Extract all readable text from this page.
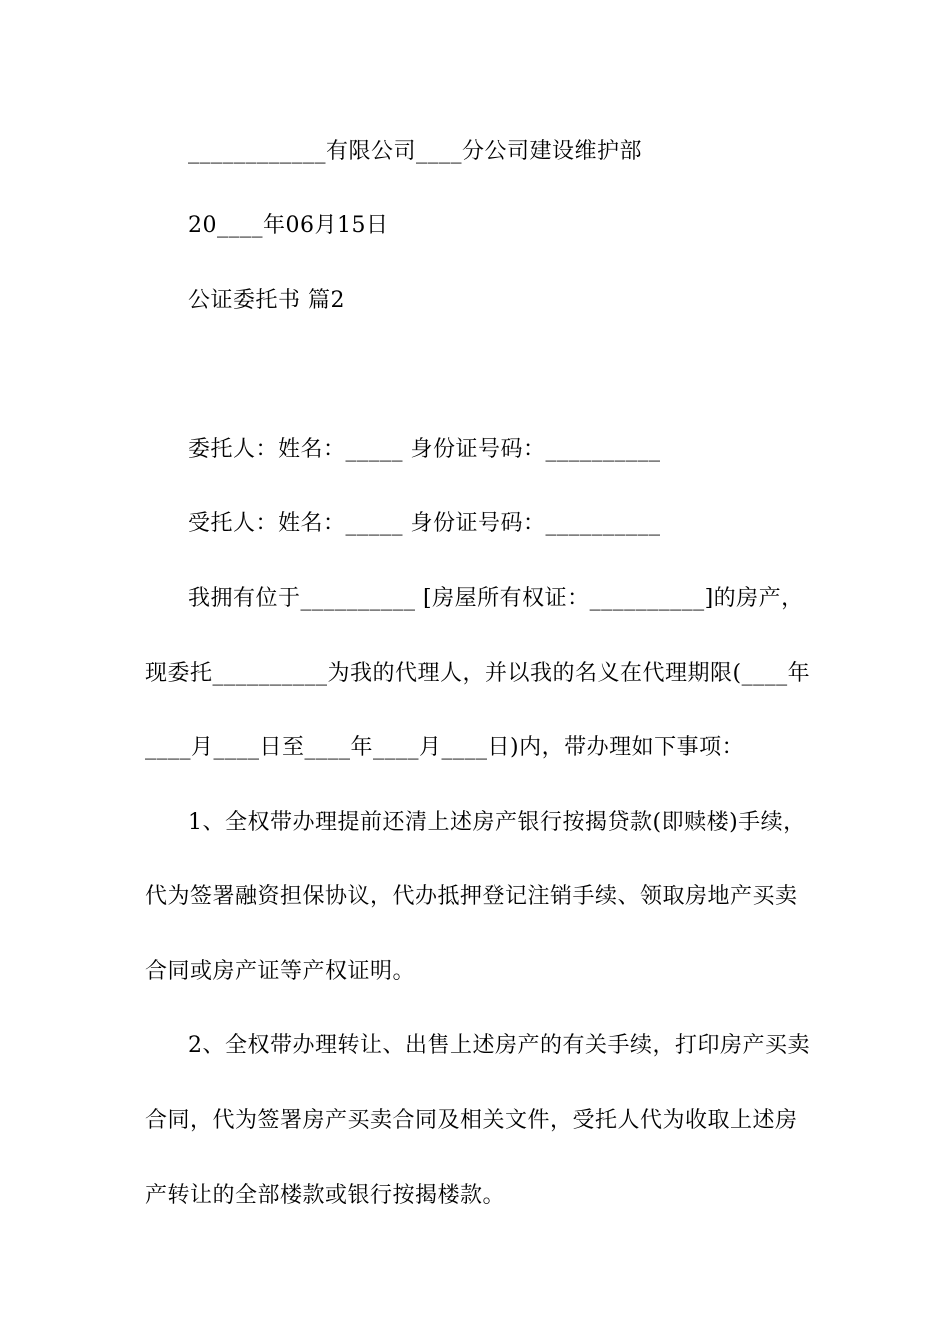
____________有限公司____分公司建设维护部

20____年06月15日

公证委托书 篇2

委托人：姓名：_____ 身份证号码：__________

受托人：姓名：_____ 身份证号码：__________

我拥有位于__________ [房屋所有权证：__________]的房产，

现委托__________为我的代理人，并以我的名义在代理期限(____年

____月____日至____年____月____日)内，带办理如下事项：

1、全权带办理提前还清上述房产银行按揭贷款(即赎楼)手续，

代为签署融资担保协议，代办抵押登记注销手续、领取房地产买卖

合同或房产证等产权证明。

2、全权带办理转让、出售上述房产的有关手续，打印房产买卖

合同，代为签署房产买卖合同及相关文件，受托人代为收取上述房

产转让的全部楼款或银行按揭楼款。
